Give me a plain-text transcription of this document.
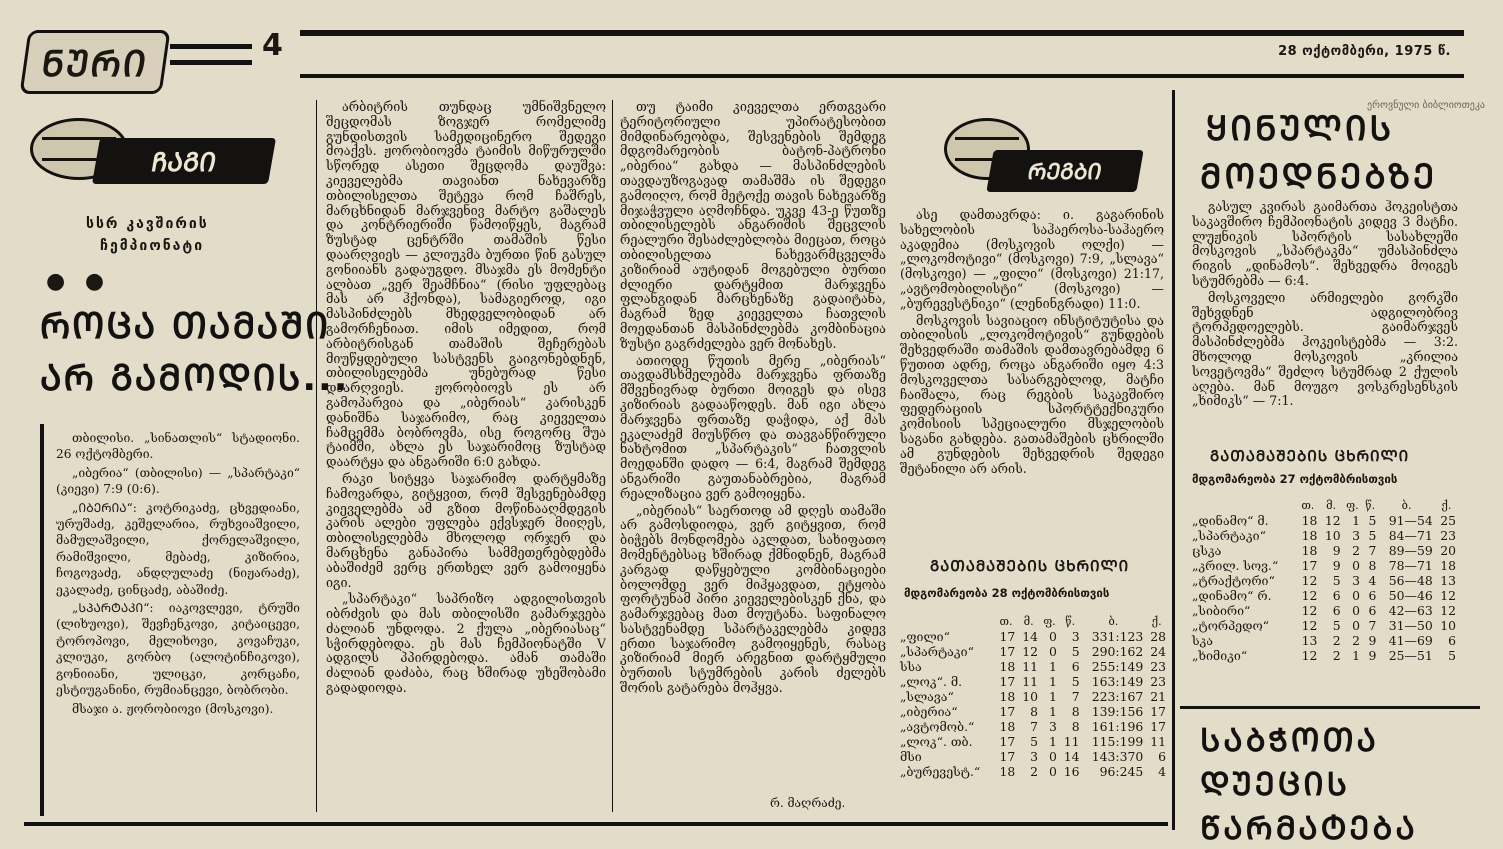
ᲜᲣᲠᲘ	4	28 ოქტომბერი, 1975 წ.
ᲩᲐᲒᲘ
სსრ კავშირის
ჩემპიონატი
● ●
ᲠᲝᲪᲐ ᲗᲐᲛᲐᲨᲘ
ᲐᲠ ᲒᲐᲛᲝᲓᲘᲡ...

თბილისი. „სინათლის“ სტადიონი. 26 ოქტომბერი.

„იბერია“ (თბილისი) — „სპარტაკი“ (კიევი) 7:9 (0:6).

„ᲘᲑᲔᲠᲘᲐ“: კოტრიკაძე, ცხვედიანი, ურუშაძე, კეშელარია, რუხვიაშვილი, მამულაშვილი, ქორელაშვილი, რამიშვილი, მებაძე, კიზირია, ჩოგოვაძე, ანდღულაძე (ნიჟარაძე), ეკალაძე, ცინცაძე, აბაშიძე.

„ᲡᲞᲐᲠᲢᲐᲙᲘ“: იაკოვლევი, ტრუში (ლიხუოვი), შევჩენკოვი, კიტაიცევი, ტოროპოვი, მელიხოვი, კოვაჩუკი, კლიუკი, გორბო (ალოტინჩიკოვი), გონიიანი, ულიცკი, კორცაჩი, ესტიუგანინი, რუმიანცევი, ბობრობი.

მსაჯი ა. ჟორობიოვი (მოსკოვი).

არბიტრის თუნდაც უმნიშვნელო შეცდომას ზოგჯერ რომელიმე გუნდისთვის სამედიცინერო შედეგი მოაქვს. ჟორობიოვმა ტაიმის მიწურულში სწორედ ასეთი შეცდომა დაუშვა: კიეველებმა თავიანთ ნახევარზე თბილისელთა შეტევა რომ ჩაშრეს, მარცხნიდან მარჯვენივ მარტო გაშალეს და კონტრიერიში წამოიწყეს, მაგრამ ზუსტად ცენტრში თამაშის წესი დაარღვიეს — კლიუკმა ბურთი წინ გასულ გონიიანს გადაუგდო. მსაჯმა ეს მომენტი ალბათ „ვერ შეამჩნია“ (რისი უფლებაც მას არ ჰქონდა), სამაგიეროდ, იგი მასპინძლებს მხედველობიდან არ გამორჩენიათ. იმის იმედით, რომ არბიტრისგან თამაშის შეჩერებას მიუწყდებული სასტვენს გაიგონებდნენ, თბილისელებმა უნებურად წესი დაარღვიეს. ჟორობიოვს ეს არ გამოპარვია და „იბერიას“ კარისკენ დანიშნა საჯარიმო, რაც კიეველთა ჩამცემმა ბობროვმა, ისე როგორც შუა ტაიმში, ახლა ეს საჯარიმოც ზუსტად დაარტყა და ანგარიში 6:0 გახდა.

რაკი სიტყვა საჯარიმო დარტყმაზე ჩამოვარდა, გიტყვით, რომ შესვენებამდე კიეველებმა ამ გზით მოწინააღმდეგის კარის ალები უფლება ექვსჯერ მიიღეს, თბილისელებმა მხოლოდ ორჯერ და მარცხენა განაპირა სამმეთერებდებმა აბაშიძემ ვერც ერთხელ ვერ გამოიყენა იგი.

„სპარტაკი“ საპრიზო ადგილისთვის იბრძვის და მას თბილისში გამარჯვება ძალიან უნდოდა. 2 ქულა „იბერიასაც“ სჭირდებოდა. ეს მას ჩემპიონატში V ადგილს პპირდებოდა. ამან თამაში ძალიან დაძაბა, რაც ხშირად უხეშობამი გადადიოდა.

თუ ტაიმი კიეველთა ერთგვარი ტერიტორიული უპირატესობით მიმდინარეობდა, შესვენების შემდეგ მდგომარეობის ბატონ-პატრონი „იბერია“ გახდა — მასპინძლების თავდაუზოგავად თამაშმა ის შედეგი გამოიღო, რომ მეტოქე თავის ნახევარზე მიჯაჭვული აღმოჩნდა. უკვე 43-ე წუთზე თბილისელებს ანგარიშის შეცვლის რეალური შესაძლებლობა მიეცათ, როცა თბილისელთა ნახევარმცველმა კიზირიამ აუტიდან მოგებული ბურთი ძლიერი დარტყმით მარჯვენა ფლანგიდან მარცხენაზე გადაიტანა, მაგრამ ზედ კიეველთა ჩათვლის მოედანთან მასპინძლებმა კომბინაცია ზუსტი გაგრძელება ვერ მონახეს.

ათიოდე წუთის მერე „იბერიას“ თავდამსხმელებმა მარჯვენა ფრთაზე მშვენივრად ბურთი მოიგეს და ისევ კიზირიას გადააწოდეს. მან იგი ახლა მარჯვენა ფრთაზე დაჭიდა, აქ მას ეკალაძემ მიუსწრო და თავგანწირული ნახტომით „სპარტაკის“ ჩათვლის მოედანში დადო — 6:4, მაგრამ შემდეგ ანგარიში გაუთანაბრებია, მაგრამ რეალიზაცია ვერ გამოიყენა.

„იბერიას“ საერთოდ ამ დღეს თამაში არ გამოსდიოდა, ვერ გიტყვით, რომ ბიჭებს მონდომება აკლდათ, სახიფათო მომენტებსაც ხშირად ქმნიდნენ, მაგრამ კარგად დაწყებული კომბინაციები ბოლომდე ვერ მიჰყავდათ, ეტყობა ფორტუნამ პირი კიეველებისკენ ქნა, და გამარჯვებაც მათ მოუტანა. საფინალო სასტვენამდე სპარტაკელებმა კიდევ ერთი საჯარიმო გამოიყენეს, რასაც კიზირიამ მიერ არეგნით დარტყმული ბურთის სტუმრების კარის ძელებს შორის გატარება მოჰყვა.

რ. მაღრაძე.
ᲠᲔᲒᲑᲘ

ასე დამთავრდა: ი. გაგარინის სახელობის საჰაეროსა-საჰაერო აკადემია (მოსკოვის ოლქი) — „ლოკომოტივი“ (მოსკოვი) 7:9, „სლავა“ (მოსკოვი) — „ფილი“ (მოსკოვი) 21:17, „ავტომობილისტი“ (მოსკოვი) — „ბურევესტნიკი“ (ლენინგრადი) 11:0.

მოსკოვის სავიაციო ინსტიტუტისა და თბილისის „ლოკომოტივის“ გუნდების შეხვედრაში თამაშის დამთავრებამდე 6 წუთით ადრე, როცა ანგარიში იყო 4:3 მოსკოველთა სასარგებლოდ, მატჩი ჩაიშალა, რაც რეგბის საკავშირო ფედერაციის სპორტტექნიკური კომისიის სპეციალური მსჯელობის საგანი გახდება. გათამაშების ცხრილში ამ გუნდების შეხვედრის შედეგი შეტანილი არ არის.

ᲒᲐᲗᲐᲛᲐᲨᲔᲑᲘᲡ ᲪᲮᲠᲘᲚᲘ
მდგომარეობა 28 ოქტომბრისთვის
	თ.	მ.	ფ.	წ.	ბ.	ქ.
„ფილი“	17	14	0	3	331:123	28
„სპარტაკი“	17	12	0	5	290:162	24
სსა	18	11	1	6	255:149	23
„ლოკ“. მ.	17	11	1	5	163:149	23
„სლავა“	18	10	1	7	223:167	21
„იბერია“	17	8	1	8	139:156	17
„ავტომობ.“	18	7	3	8	161:196	17
„ლოკ“. თბ.	17	5	1	11	115:199	11
მსი	17	3	0	14	143:370	6
„ბურევესტ.“	18	2	0	16	96:245	4
ᲧᲘᲜᲣᲚᲘᲡ
ᲛᲝᲔᲓᲜᲔᲑᲖᲔ

გასულ კვირას გაიმართა ჰოკეისტთა საკავშირო ჩემპიონატის კიდევ 3 მატჩი. ლუჟნიკის სპორტის სასახლეში მოსკოვის „სპარტაკმა“ უმასპინძლა რიგის „დინამოს“. შეხვედრა მოიგეს სტუმრებმა — 6:4.

მოსკოველი არმიელები გორკში შეხვდნენ ადგილობრივ ტორპედოელებს. გაიმარჯვეს მასპინძლებმა ჰოკეისტებმა — 3:2. მხოლოდ მოსკოვის „კრილია სოვეტოვმა“ შეძლო სტუმრად 2 ქულის აღება. მან მოუგო ვოსკრესენსკის „ხიმიკს“ — 7:1.

ᲒᲐᲗᲐᲛᲐᲨᲔᲑᲘᲡ ᲪᲮᲠᲘᲚᲘ
მდგომარეობა 27 ოქტომბრისთვის
	თ.	მ.	ფ.	წ.	ბ.	ქ.
„დინამო“ მ.	18	12	1	5	91—54	25
„სპარტაკი“	18	10	3	5	84—71	23
ცსკა	18	9	2	7	89—59	20
„კრილ. სოვ.“	17	9	0	8	78—71	18
„ტრაქტორი“	12	5	3	4	56—48	13
„დინამო“ რ.	12	6	0	6	50—46	12
„სიბირი“	12	6	0	6	42—63	12
„ტორპედო“	12	5	0	7	31—50	10
სკა	13	2	2	9	41—69	6
„ხიმიკი“	12	2	1	9	25—51	5
ᲡᲐᲑᲭᲝᲗᲐ
ᲓᲣᲔᲪᲘᲡ
ᲬᲐᲠᲛᲐᲢᲔᲑᲐ
ეროვნული ბიბლიოთეკა
